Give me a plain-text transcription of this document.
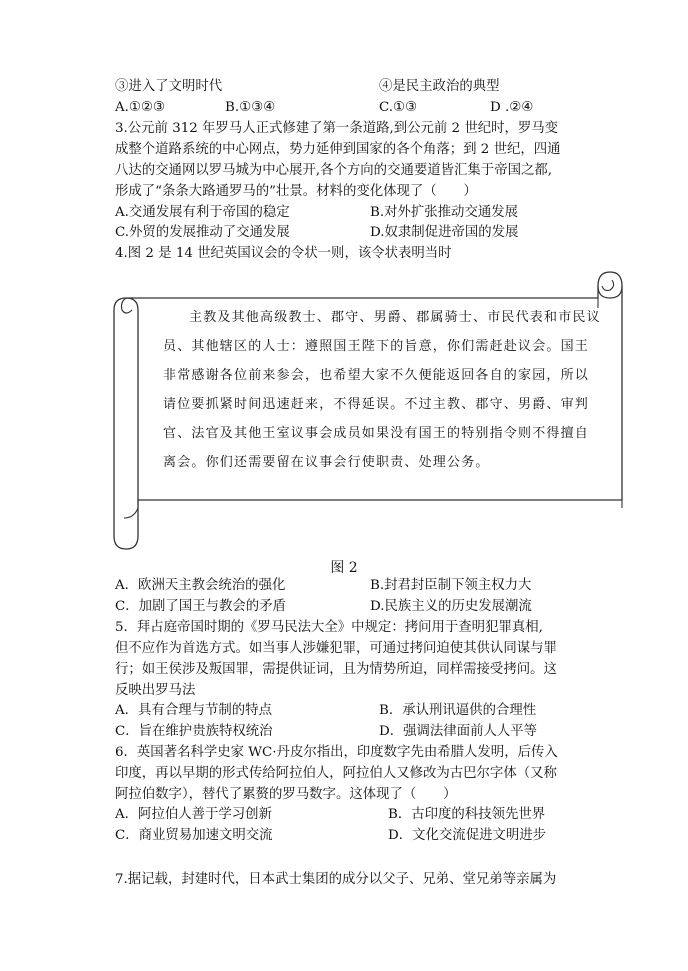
③进入了文明时代	④是民主政治的典型
A.①②③	B.①③④	C.①③	D .②④
3.公元前 312 年罗马人正式修建了第一条道路,到公元前 2 世纪时，罗马变
成整个道路系统的中心网点，势力延伸到国家的各个角落；到 2 世纪，四通
八达的交通网以罗马城为中心展开,各个方向的交通要道皆汇集于帝国之都,
形成了“条条大路通罗马的”壮景。材料的变化体现了（　　）
A.交通发展有利于帝国的稳定	B.对外扩张推动交通发展
C.外贸的发展推动了交通发展	D.奴隶制促进帝国的发展
4.图 2 是 14 世纪英国议会的令状一则，该令状表明当时
主教及其他高级教士、郡守、男爵、郡属骑士、市民代表和市民议员、其他辖区的人士：遵照国王陛下的旨意，你们需赶赴议会。国王非常感谢各位前来参会，也希望大家不久便能返回各自的家园，所以请位要抓紧时间迅速赶来，不得延误。不过主教、郡守、男爵、审判官、法官及其他王室议事会成员如果没有国王的特别指令则不得擅自离会。你们还需要留在议事会行使职责、处理公务。
图 2
A．欧洲天主教会统治的强化	B.封君封臣制下领主权力大
C．加剧了国王与教会的矛盾	D.民族主义的历史发展潮流
5．拜占庭帝国时期的《罗马民法大全》中规定：拷问用于查明犯罪真相,
但不应作为首选方式。如当事人涉嫌犯罪，可通过拷问迫使其供认同谋与罪
行；如王侯涉及叛国罪，需提供证词，且为情势所迫，同样需接受拷问。这
反映出罗马法
A．具有合理与节制的特点	B．承认刑讯逼供的合理性
C．旨在维护贵族特权统治	D．强调法律面前人人平等
6．英国著名科学史家 WC·丹皮尔指出，印度数字先由希腊人发明，后传入
印度，再以早期的形式传给阿拉伯人，阿拉伯人又修改为古巴尔字体（又称
阿拉伯数字），替代了累赘的罗马数字。这体现了（　　）
A．阿拉伯人善于学习创新	B．古印度的科技领先世界
C．商业贸易加速文明交流	D．文化交流促进文明进步
7.据记载，封建时代，日本武士集团的成分以父子、兄弟、堂兄弟等亲属为
